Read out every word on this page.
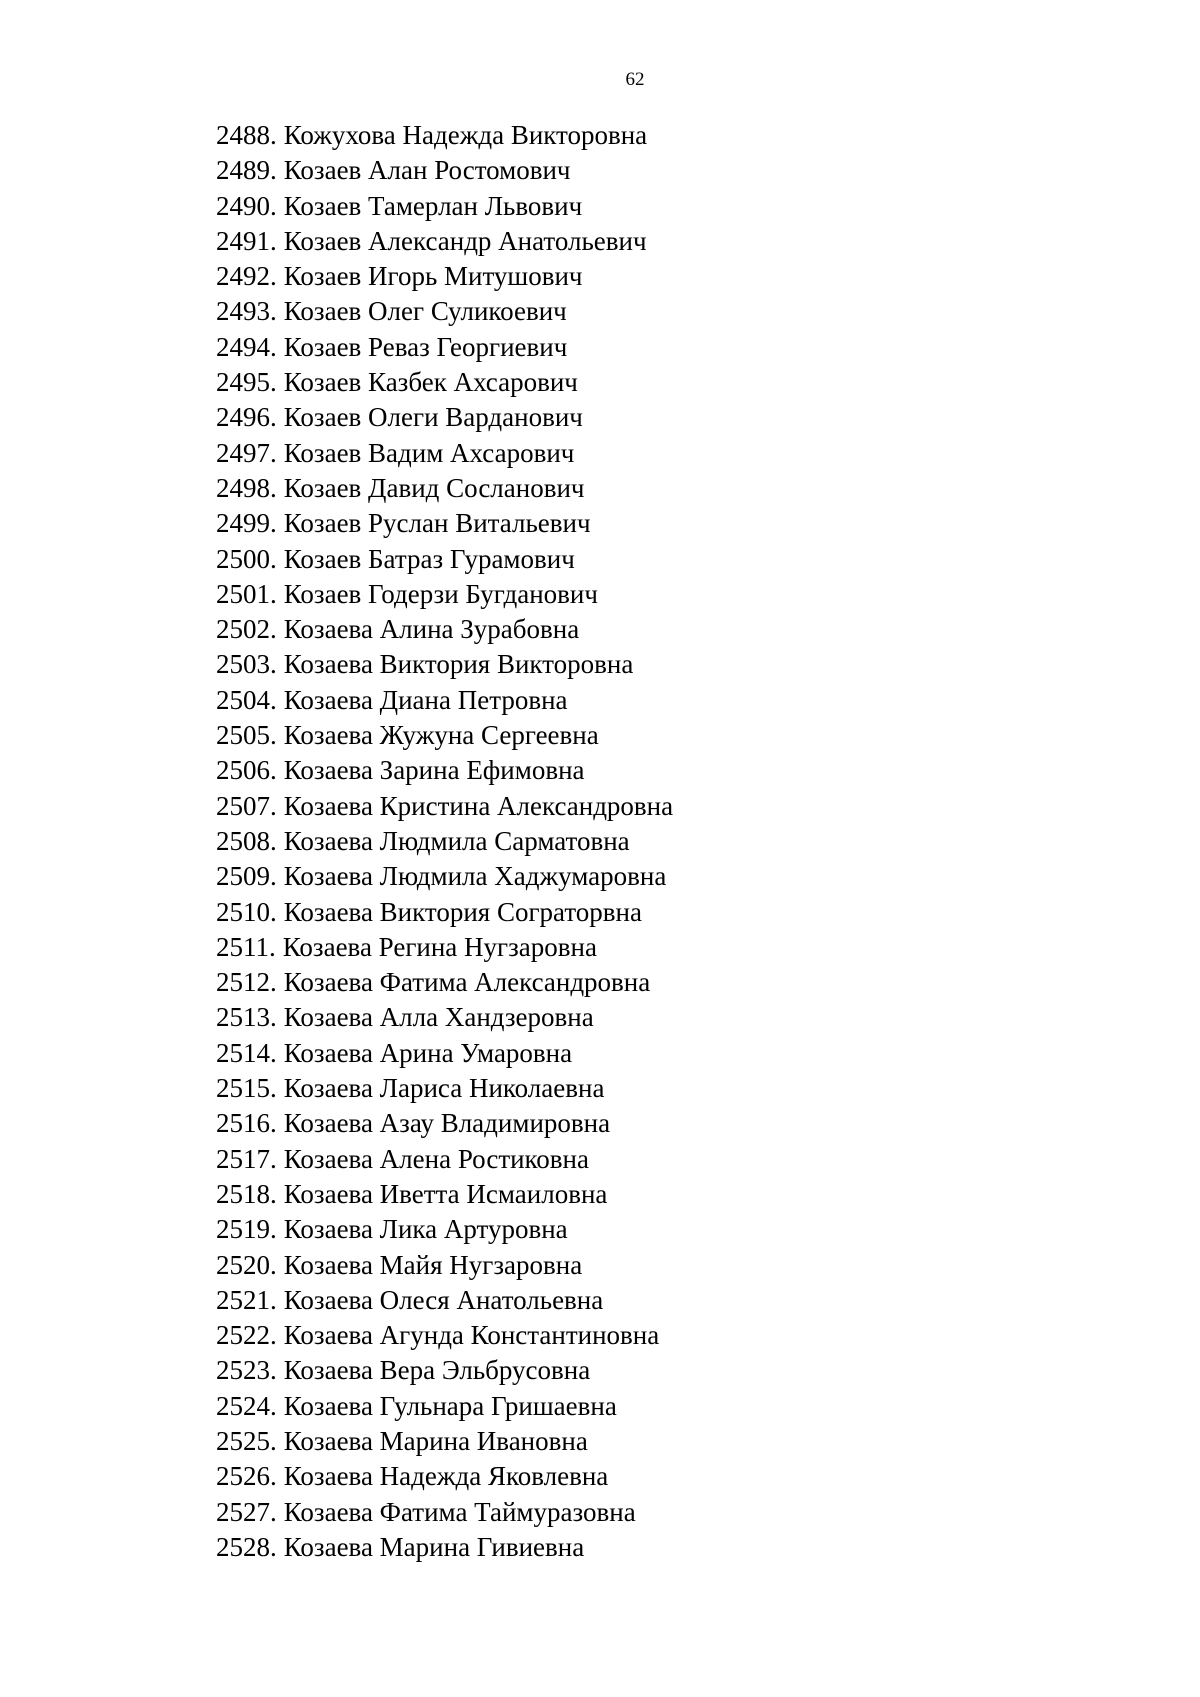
62
2488. Кожухова Надежда Викторовна
2489. Козаев Алан Ростомович
2490. Козаев Тамерлан Львович
2491. Козаев Александр Анатольевич
2492. Козаев Игорь Митушович
2493. Козаев Олег Суликоевич
2494. Козаев Реваз Георгиевич
2495. Козаев Казбек Ахсарович
2496. Козаев Олеги Варданович
2497. Козаев Вадим Ахсарович
2498. Козаев Давид Сосланович
2499. Козаев Руслан Витальевич
2500. Козаев Батраз Гурамович
2501. Козаев Годерзи Бугданович
2502. Козаева Алина Зурабовна
2503. Козаева Виктория Викторовна
2504. Козаева Диана Петровна
2505. Козаева Жужуна Сергеевна
2506. Козаева Зарина Ефимовна
2507. Козаева Кристина Александровна
2508. Козаева Людмила Сарматовна
2509. Козаева Людмила Хаджумаровна
2510. Козаева Виктория Сограторвна
2511. Козаева Регина Нугзаровна
2512. Козаева Фатима Александровна
2513. Козаева Алла Хандзеровна
2514. Козаева Арина Умаровна
2515. Козаева Лариса Николаевна
2516. Козаева Азау Владимировна
2517. Козаева Алена Ростиковна
2518. Козаева Иветта Исмаиловна
2519. Козаева Лика Артуровна
2520. Козаева Майя Нугзаровна
2521. Козаева Олеся Анатольевна
2522. Козаева Агунда Константиновна
2523. Козаева Вера Эльбрусовна
2524. Козаева Гульнара Гришаевна
2525. Козаева Марина Ивановна
2526. Козаева Надежда Яковлевна
2527. Козаева Фатима Таймуразовна
2528. Козаева Марина Гивиевна
